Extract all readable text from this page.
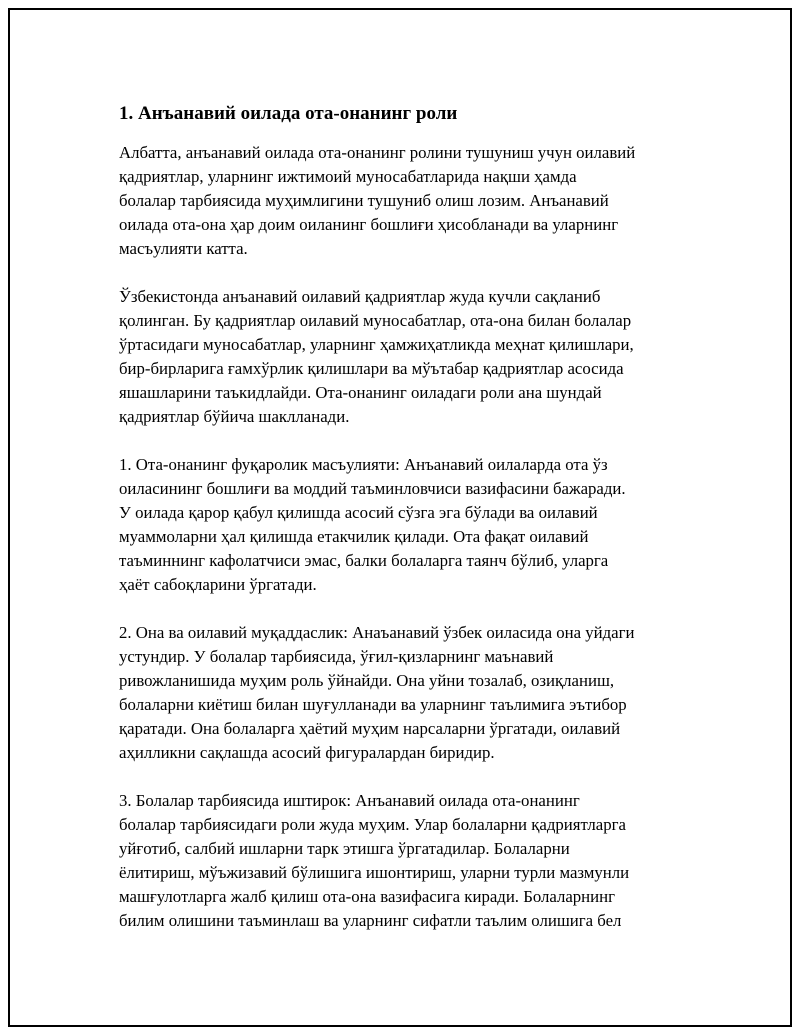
1. Анъанавий оилада ота-онанинг роли

Албатта, анъанавий оилада ота-онанинг ролини тушуниш учун оилавий
қадриятлар, уларнинг ижтимоий муносабатларида нақши ҳамда
болалар тарбиясида муҳимлигини тушуниб олиш лозим. Анъанавий
оилада ота-она ҳар доим оиланинг бошлиғи ҳисобланади ва уларнинг
масъулияти катта.

Ўзбекистонда анъанавий оилавий қадриятлар жуда кучли сақланиб
қолинган. Бу қадриятлар оилавий муносабатлар, ота-она билан болалар
ўртасидаги муносабатлар, уларнинг ҳамжиҳатликда меҳнат қилишлари,
бир-бирларига ғамхўрлик қилишлари ва мўътабар қадриятлар асосида
яшашларини таъкидлайди. Ота-онанинг оиладаги роли ана шундай
қадриятлар бўйича шаклланади.

1. Ота-онанинг фуқаролик масъулияти: Анъанавий оилаларда ота ўз
оиласининг бошлиғи ва моддий таъминловчиси вазифасини бажаради.
У оилада қарор қабул қилишда асосий сўзга эга бўлади ва оилавий
муаммоларни ҳал қилишда етакчилик қилади. Ота фақат оилавий
таъминнинг кафолатчиси эмас, балки болаларга таянч бўлиб, уларга
ҳаёт сабоқларини ўргатади.

2. Она ва оилавий муқаддаслик: Анаъанавий ўзбек оиласида она уйдаги
устундир. У болалар тарбиясида, ўғил-қизларнинг маънавий
ривожланишида муҳим роль ўйнайди. Она уйни тозалаб, озиқланиш,
болаларни киётиш билан шуғулланади ва уларнинг таълимига эътибор
қаратади. Она болаларга ҳаётий муҳим нарсаларни ўргатади, оилавий
аҳилликни сақлашда асосий фигуралардан биридир.

3. Болалар тарбиясида иштирок: Анъанавий оилада ота-онанинг
болалар тарбиясидаги роли жуда муҳим. Улар болаларни қадриятларга
уйғотиб, салбий ишларни тарк этишга ўргатадилар. Болаларни
ёлитириш, мўъжизавий бўлишига ишонтириш, уларни турли мазмунли
машғулотларга жалб қилиш ота-она вазифасига киради. Болаларнинг
билим олишини таъминлаш ва уларнинг сифатли таълим олишига бел
